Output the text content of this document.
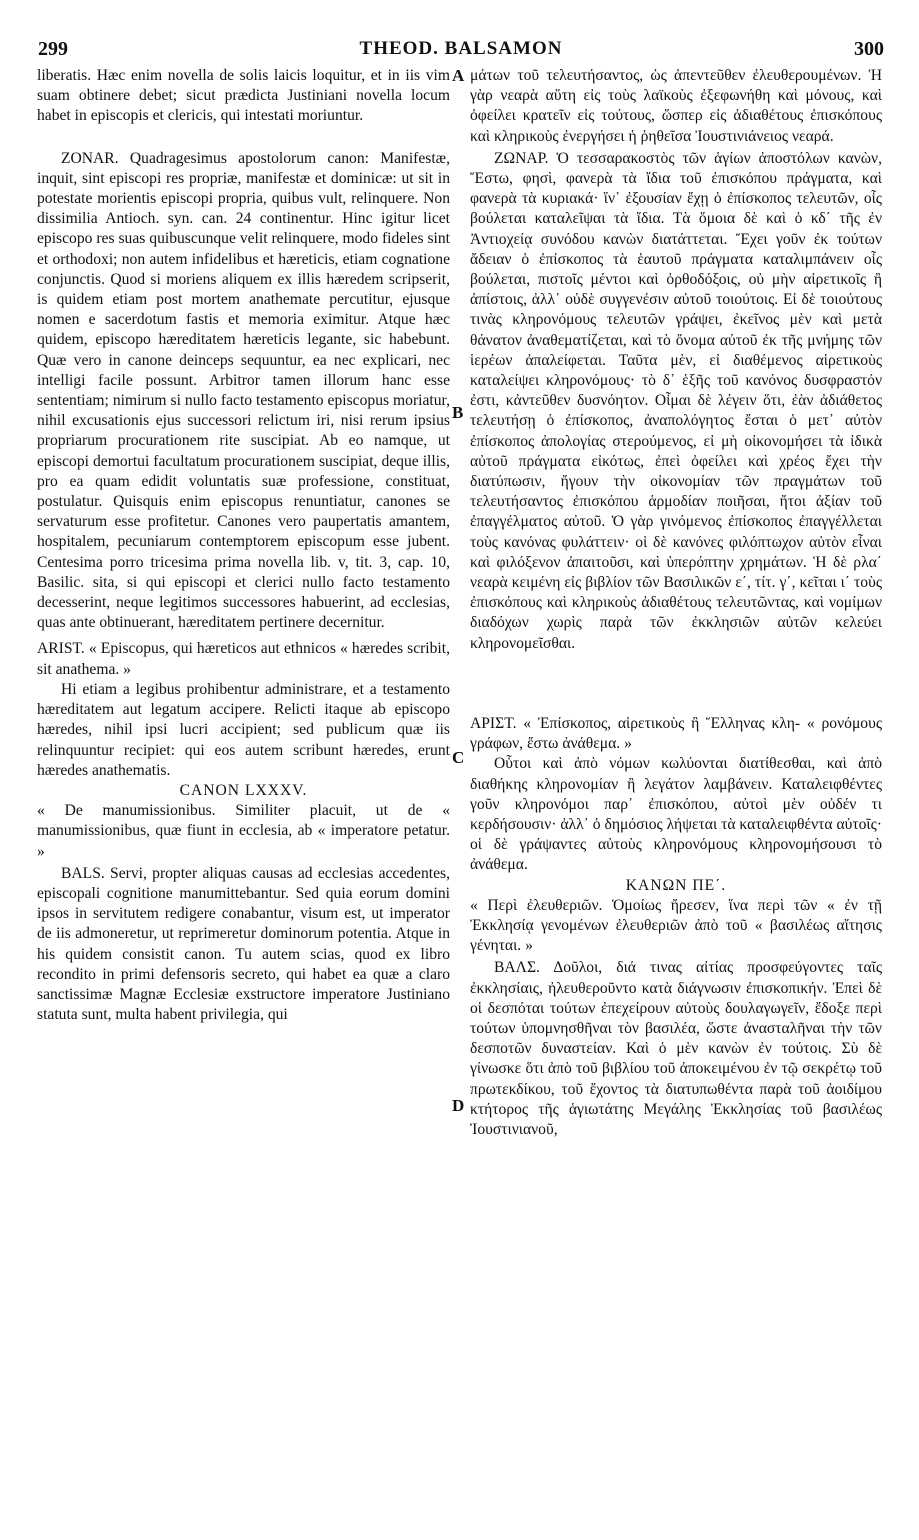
299	THEOD. BALSAMON	300
A
B
C
D

liberatis. Hæc enim novella de solis laicis loquitur, et in iis vim suam obtinere debet; sicut prædicta Justiniani novella locum habet in episcopis et clericis, qui intestati moriuntur.

ZONAR. Quadragesimus apostolorum canon: Manifestæ, inquit, sint episcopi res propriæ, manifestæ et dominicæ: ut sit in potestate morientis episcopi propria, quibus vult, relinquere. Non dissimilia Antioch. syn. can. 24 continentur. Hinc igitur licet episcopo res suas quibuscunque velit relinquere, modo fideles sint et orthodoxi; non autem infidelibus et hæreticis, etiam cognatione conjunctis. Quod si moriens aliquem ex illis hæredem scripserit, is quidem etiam post mortem anathemate percutitur, ejusque nomen e sacerdotum fastis et memoria eximitur. Atque hæc quidem, episcopo hæreditatem hæreticis legante, sic habebunt. Quæ vero in canone deinceps sequuntur, ea nec explicari, nec intelligi facile possunt. Arbitror tamen illorum hanc esse sententiam; nimirum si nullo facto testamento episcopus moriatur, nihil excusationis ejus successori relictum iri, nisi rerum ipsius propriarum procurationem rite suscipiat. Ab eo namque, ut episcopi demortui facultatum procurationem suscipiat, deque illis, pro ea quam edidit voluntatis suæ professione, constituat, postulatur. Quisquis enim episcopus renuntiatur, canones se servaturum esse profitetur. Canones vero paupertatis amantem, hospitalem, pecuniarum contemptorem episcopum esse jubent. Centesima porro tricesima prima novella lib. v, tit. 3, cap. 10, Basilic. sita, si qui episcopi et clerici nullo facto testamento decesserint, neque legitimos successores habuerint, ad ecclesias, quas ante obtinuerant, hæreditatem pertinere decernitur.

ARIST. « Episcopus, qui hæreticos aut ethnicos « hæredes scribit, sit anathema. »

Hi etiam a legibus prohibentur administrare, et a testamento hæreditatem aut legatum accipere. Relicti itaque ab episcopo hæredes, nihil ipsi lucri accipient; sed publicum quæ iis relinquuntur recipiet: qui eos autem scribunt hæredes, erunt hæredes anathematis.

CANON LXXXV.

« De manumissionibus. Similiter placuit, ut de « manumissionibus, quæ fiunt in ecclesia, ab « imperatore petatur. »

BALS. Servi, propter aliquas causas ad ecclesias accedentes, episcopali cognitione manumittebantur. Sed quia eorum domini ipsos in servitutem redigere conabantur, visum est, ut imperator de iis admoneretur, ut reprimeretur dominorum potentia. Atque in his quidem consistit canon. Tu autem scias, quod ex libro recondito in primi defensoris secreto, qui habet ea quæ a claro sanctissimæ Magnæ Ecclesiæ exstructore imperatore Justiniano statuta sunt, multa habent privilegia, qui

μάτων τοῦ τελευτήσαντος, ὡς ἀπεντεῦθεν ἐλευθερουμένων. Ἡ γὰρ νεαρὰ αὕτη εἰς τοὺς λαϊκοὺς ἐξεφωνήθη καὶ μόνους, καὶ ὀφείλει κρατεῖν εἰς τούτους, ὥσπερ εἰς ἀδιαθέτους ἐπισκόπους καὶ κληρικοὺς ἐνεργήσει ἡ ῥηθεῖσα Ἰουστινιάνειος νεαρά.

ΖΩΝΑΡ. Ὁ τεσσαρακοστὸς τῶν ἁγίων ἀποστόλων κανὼν, Ἔστω, φησὶ, φανερὰ τὰ ἴδια τοῦ ἐπισκόπου πράγματα, καὶ φανερὰ τὰ κυριακά· ἵν᾿ ἐξουσίαν ἔχῃ ὁ ἐπίσκοπος τελευτῶν, οἷς βούλεται καταλεῖψαι τὰ ἴδια. Τὰ ὅμοια δὲ καὶ ὁ κδ΄ τῆς ἐν Ἀντιοχείᾳ συνόδου κανὼν διατάττεται. Ἔχει γοῦν ἐκ τούτων ἄδειαν ὁ ἐπίσκοπος τὰ ἑαυτοῦ πράγματα καταλιμπάνειν οἷς βούλεται, πιστοῖς μέντοι καὶ ὀρθοδόξοις, οὐ μὴν αἱρετικοῖς ἢ ἀπίστοις, ἀλλ᾿ οὐδὲ συγγενέσιν αὐτοῦ τοιούτοις. Εἰ δὲ τοιούτους τινὰς κληρονόμους τελευτῶν γράψει, ἐκεῖνος μὲν καὶ μετὰ θάνατον ἀναθεματίζεται, καὶ τὸ ὄνομα αὐτοῦ ἐκ τῆς μνήμης τῶν ἱερέων ἀπαλείφεται. Ταῦτα μὲν, εἰ διαθέμενος αἱρετικοὺς καταλείψει κληρονόμους· τὸ δ᾿ ἑξῆς τοῦ κανόνος δυσφραστόν ἐστι, κἀντεῦθεν δυσνόητον. Οἶμαι δὲ λέγειν ὅτι, ἐὰν ἀδιάθετος τελευτήσῃ ὁ ἐπίσκοπος, ἀναπολόγητος ἔσται ὁ μετ᾿ αὐτὸν ἐπίσκοπος ἀπολογίας στερούμενος, εἰ μὴ οἰκονομήσει τὰ ἰδικὰ αὐτοῦ πράγματα εἰκότως, ἐπεὶ ὀφείλει καὶ χρέος ἔχει τὴν διατύπωσιν, ἤγουν τὴν οἰκονομίαν τῶν πραγμάτων τοῦ τελευτήσαντος ἐπισκόπου ἁρμοδίαν ποιῆσαι, ἤτοι ἀξίαν τοῦ ἐπαγγέλματος αὐτοῦ. Ὁ γὰρ γινόμενος ἐπίσκοπος ἐπαγγέλλεται τοὺς κανόνας φυλάττειν· οἱ δὲ κανόνες φιλόπτωχον αὐτὸν εἶναι καὶ φιλόξενον ἀπαιτοῦσι, καὶ ὑπερόπτην χρημάτων. Ἡ δὲ ρλα΄ νεαρὰ κειμένη εἰς βιβλίον τῶν Βασιλικῶν ε΄, τίτ. γ΄, κεῖται ι΄ τοὺς ἐπισκόπους καὶ κληρικοὺς ἀδιαθέτους τελευτῶντας, καὶ νομίμων διαδόχων χωρὶς παρὰ τῶν ἐκκλησιῶν αὐτῶν κελεύει κληρονομεῖσθαι.

ΑΡΙΣΤ. « Ἐπίσκοπος, αἱρετικοὺς ἢ Ἕλληνας κλη- « ρονόμους γράφων, ἔστω ἀνάθεμα. »

Οὗτοι καὶ ἀπὸ νόμων κωλύονται διατίθεσθαι, καὶ ἀπὸ διαθήκης κληρονομίαν ἢ λεγάτον λαμβάνειν. Καταλειφθέντες γοῦν κληρονόμοι παρ᾿ ἐπισκόπου, αὐτοὶ μὲν οὐδέν τι κερδήσουσιν· ἀλλ᾿ ὁ δημόσιος λήψεται τὰ καταλειφθέντα αὐτοῖς· οἱ δὲ γράψαντες αὐτοὺς κληρονόμους κληρονομήσουσι τὸ ἀνάθεμα.

ΚΑΝΩΝ ΠΕ΄.

« Περὶ ἐλευθεριῶν. Ὁμοίως ἤρεσεν, ἵνα περὶ τῶν « ἐν τῇ Ἐκκλησίᾳ γενομένων ἐλευθεριῶν ἀπὸ τοῦ « βασιλέως αἴτησις γένηται. »

ΒΑΛΣ. Δοῦλοι, διά τινας αἰτίας προσφεύγοντες ταῖς ἐκκλησίαις, ἠλευθεροῦντο κατὰ διάγνωσιν ἐπισκοπικήν. Ἐπεὶ δὲ οἱ δεσπόται τούτων ἐπεχείρουν αὐτοὺς δουλαγωγεῖν, ἔδοξε περὶ τούτων ὑπομνησθῆναι τὸν βασιλέα, ὥστε ἀνασταλῆναι τὴν τῶν δεσποτῶν δυναστείαν. Καὶ ὁ μὲν κανὼν ἐν τούτοις. Σὺ δὲ γίνωσκε ὅτι ἀπὸ τοῦ βιβλίου τοῦ ἀποκειμένου ἐν τῷ σεκρέτῳ τοῦ πρωτεκδίκου, τοῦ ἔχοντος τὰ διατυπωθέντα παρὰ τοῦ ἀοιδίμου κτήτορος τῆς ἁγιωτάτης Μεγάλης Ἐκκλησίας τοῦ βασιλέως Ἰουστινιανοῦ,
